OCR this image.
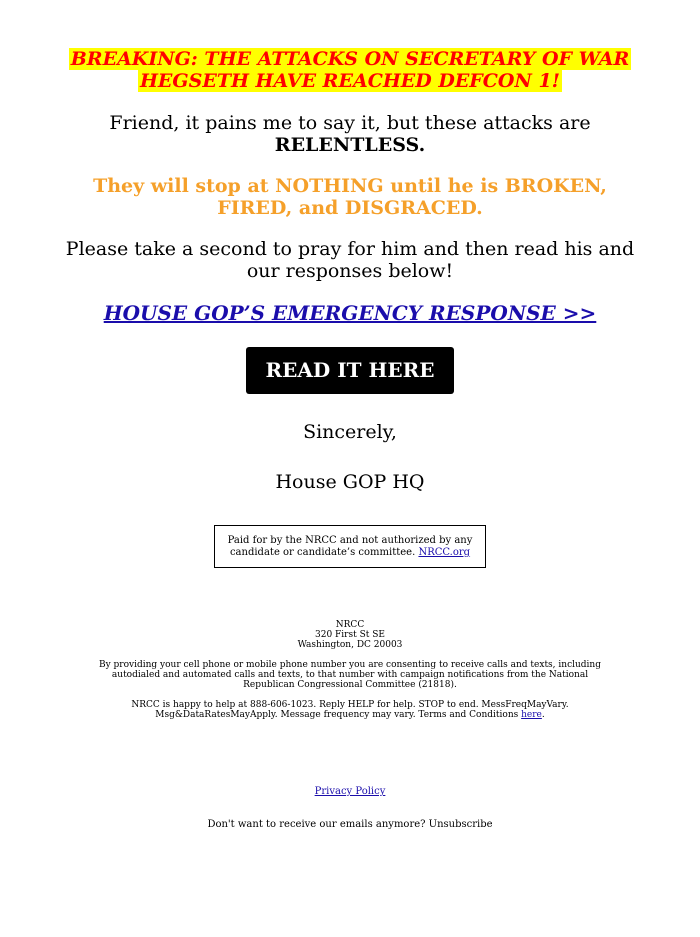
BREAKING: THE ATTACKS ON SECRETARY OF WAR HEGSETH HAVE REACHED DEFCON 1!

Friend, it pains me to say it, but these attacks are
RELENTLESS.

They will stop at NOTHING until he is BROKEN, FIRED, and DISGRACED.

Please take a second to pray for him and then read his and our responses below!

HOUSE GOP’S EMERGENCY RESPONSE >>

READ IT HERE

Sincerely,

House GOP HQ

Paid for by the NRCC and not authorized by any candidate or candidate’s committee. NRCC.org
NRCC
320 First St SE
Washington, DC 20003
By providing your cell phone or mobile phone number you are consenting to receive calls and texts, including autodialed and automated calls and texts, to that number with campaign notifications from the National Republican Congressional Committee (21818).
NRCC is happy to help at 888-606-1023. Reply HELP for help. STOP to end. MessFreqMayVary. Msg&DataRatesMayApply. Message frequency may vary. Terms and Conditions here.
Privacy Policy
Don't want to receive our emails anymore? Unsubscribe
